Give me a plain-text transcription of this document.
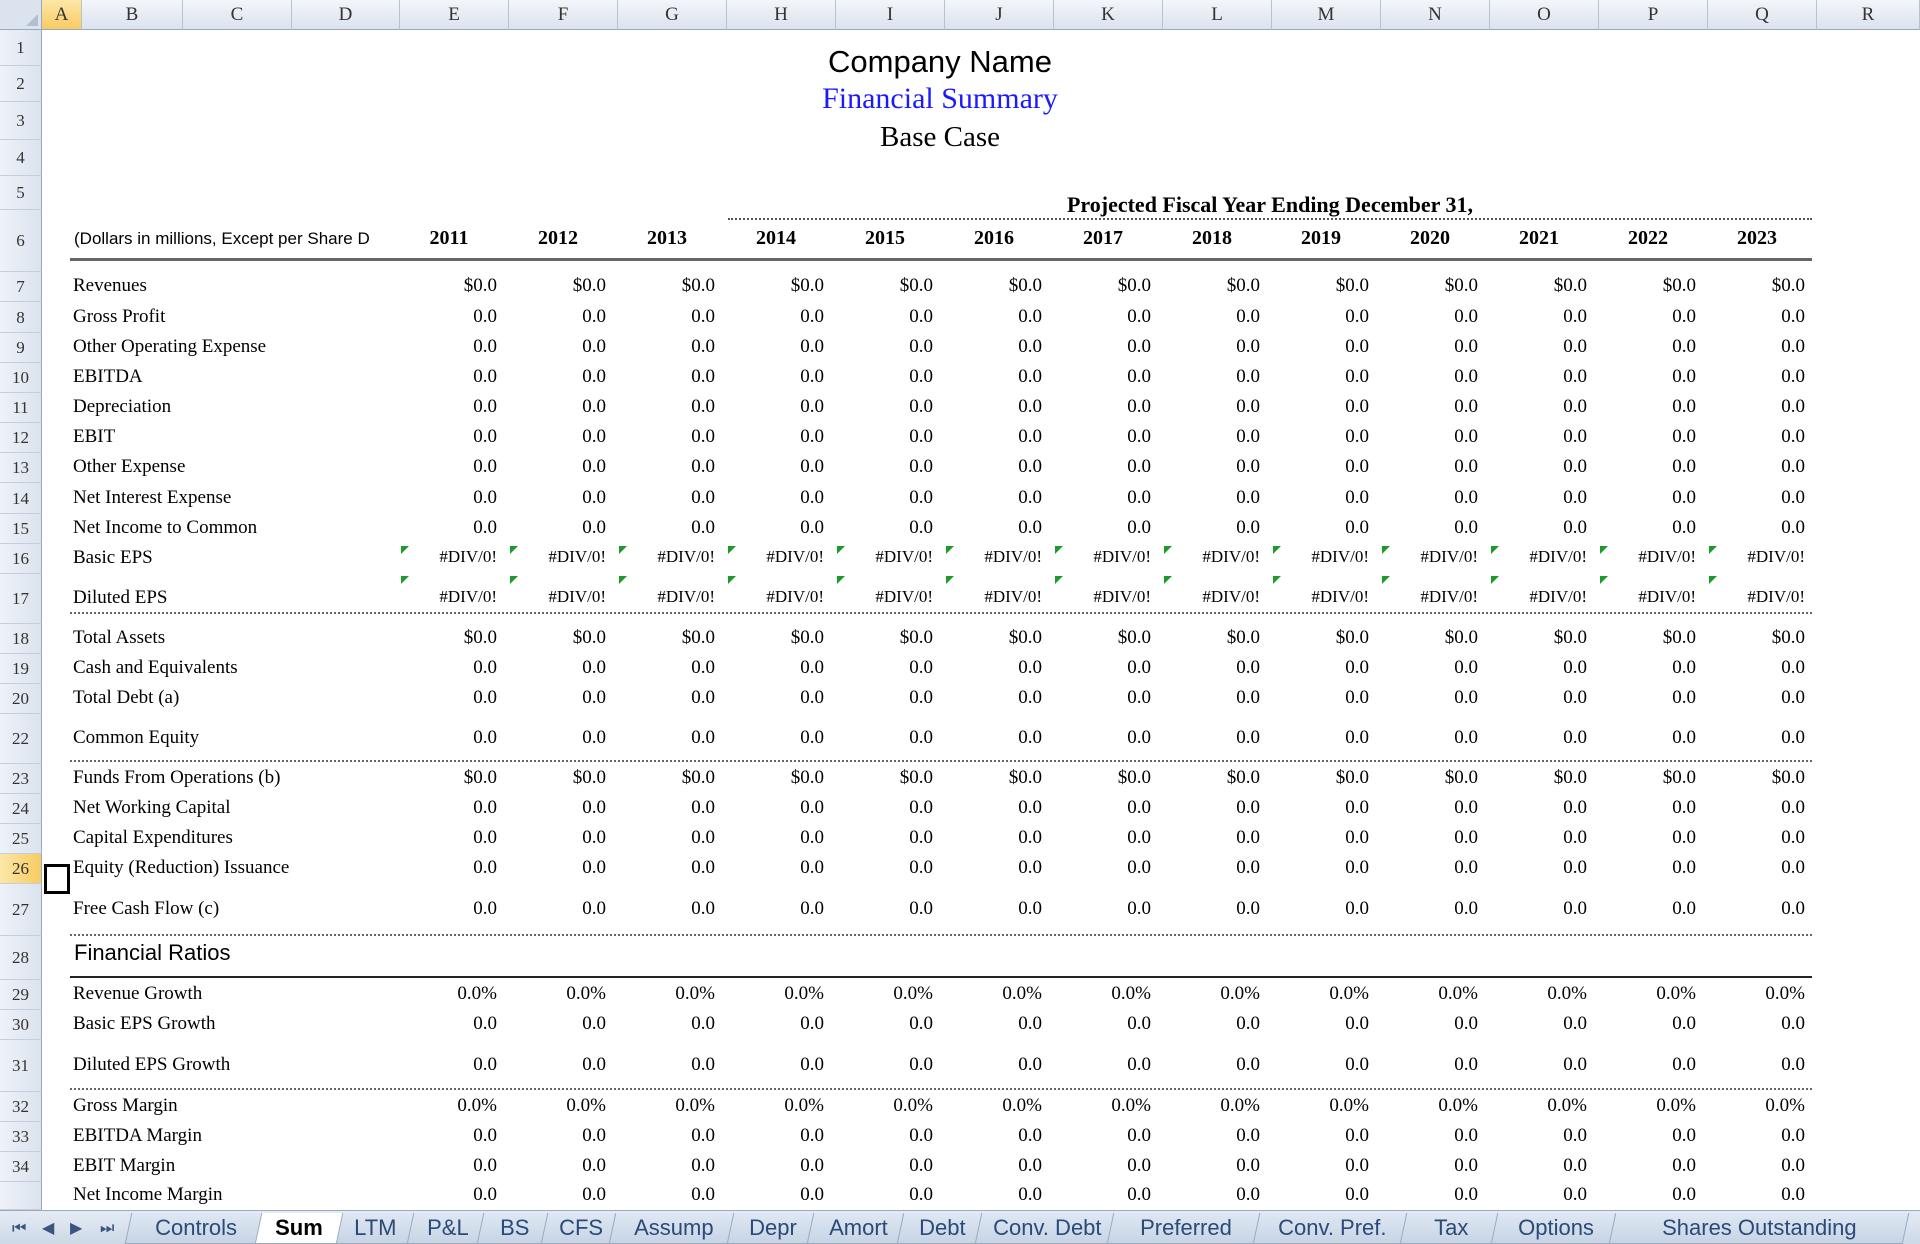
A	B	C	D	E	F	G	H	I	J	K	L	M	N	O	P	Q	R
1
2
3
4
5
6
7
8
9
10
11
12
13
14
15
16
17
18
19
20
22
23
24
25
26
27
28
29
30
31
32
33
34
Company Name
Financial Summary
Base Case
Projected Fiscal Year Ending December 31,
(Dollars in millions, Except per Share D	2011	2012	2013	2014	2015	2016	2017	2018	2019	2020	2021	2022	2023
Revenues	$0.0	$0.0	$0.0	$0.0	$0.0	$0.0	$0.0	$0.0	$0.0	$0.0	$0.0	$0.0	$0.0
Gross Profit	0.0	0.0	0.0	0.0	0.0	0.0	0.0	0.0	0.0	0.0	0.0	0.0	0.0
Other Operating Expense	0.0	0.0	0.0	0.0	0.0	0.0	0.0	0.0	0.0	0.0	0.0	0.0	0.0
EBITDA	0.0	0.0	0.0	0.0	0.0	0.0	0.0	0.0	0.0	0.0	0.0	0.0	0.0
Depreciation	0.0	0.0	0.0	0.0	0.0	0.0	0.0	0.0	0.0	0.0	0.0	0.0	0.0
EBIT	0.0	0.0	0.0	0.0	0.0	0.0	0.0	0.0	0.0	0.0	0.0	0.0	0.0
Other Expense	0.0	0.0	0.0	0.0	0.0	0.0	0.0	0.0	0.0	0.0	0.0	0.0	0.0
Net Interest Expense	0.0	0.0	0.0	0.0	0.0	0.0	0.0	0.0	0.0	0.0	0.0	0.0	0.0
Net Income to Common	0.0	0.0	0.0	0.0	0.0	0.0	0.0	0.0	0.0	0.0	0.0	0.0	0.0
Basic EPS	#DIV/0!	#DIV/0!	#DIV/0!	#DIV/0!	#DIV/0!	#DIV/0!	#DIV/0!	#DIV/0!	#DIV/0!	#DIV/0!	#DIV/0!	#DIV/0!	#DIV/0!
Diluted EPS	#DIV/0!	#DIV/0!	#DIV/0!	#DIV/0!	#DIV/0!	#DIV/0!	#DIV/0!	#DIV/0!	#DIV/0!	#DIV/0!	#DIV/0!	#DIV/0!	#DIV/0!
Total Assets	$0.0	$0.0	$0.0	$0.0	$0.0	$0.0	$0.0	$0.0	$0.0	$0.0	$0.0	$0.0	$0.0
Cash and Equivalents	0.0	0.0	0.0	0.0	0.0	0.0	0.0	0.0	0.0	0.0	0.0	0.0	0.0
Total Debt (a)	0.0	0.0	0.0	0.0	0.0	0.0	0.0	0.0	0.0	0.0	0.0	0.0	0.0
Common Equity	0.0	0.0	0.0	0.0	0.0	0.0	0.0	0.0	0.0	0.0	0.0	0.0	0.0
Funds From Operations (b)	$0.0	$0.0	$0.0	$0.0	$0.0	$0.0	$0.0	$0.0	$0.0	$0.0	$0.0	$0.0	$0.0
Net Working Capital	0.0	0.0	0.0	0.0	0.0	0.0	0.0	0.0	0.0	0.0	0.0	0.0	0.0
Capital Expenditures	0.0	0.0	0.0	0.0	0.0	0.0	0.0	0.0	0.0	0.0	0.0	0.0	0.0
Equity (Reduction) Issuance	0.0	0.0	0.0	0.0	0.0	0.0	0.0	0.0	0.0	0.0	0.0	0.0	0.0
Free Cash Flow (c)	0.0	0.0	0.0	0.0	0.0	0.0	0.0	0.0	0.0	0.0	0.0	0.0	0.0
Financial Ratios
Revenue Growth	0.0%	0.0%	0.0%	0.0%	0.0%	0.0%	0.0%	0.0%	0.0%	0.0%	0.0%	0.0%	0.0%
Basic EPS Growth	0.0	0.0	0.0	0.0	0.0	0.0	0.0	0.0	0.0	0.0	0.0	0.0	0.0
Diluted EPS Growth	0.0	0.0	0.0	0.0	0.0	0.0	0.0	0.0	0.0	0.0	0.0	0.0	0.0
Gross Margin	0.0%	0.0%	0.0%	0.0%	0.0%	0.0%	0.0%	0.0%	0.0%	0.0%	0.0%	0.0%	0.0%
EBITDA Margin	0.0	0.0	0.0	0.0	0.0	0.0	0.0	0.0	0.0	0.0	0.0	0.0	0.0
EBIT Margin	0.0	0.0	0.0	0.0	0.0	0.0	0.0	0.0	0.0	0.0	0.0	0.0	0.0
Net Income Margin	0.0	0.0	0.0	0.0	0.0	0.0	0.0	0.0	0.0	0.0	0.0	0.0	0.0
⏮ ◀ ▶ ⏭	Controls	Sum	LTM	P&L	BS	CFS	Assump	Depr	Amort	Debt	Conv. Debt	Preferred	Conv. Pref.	Tax	Options	Shares Outstanding
